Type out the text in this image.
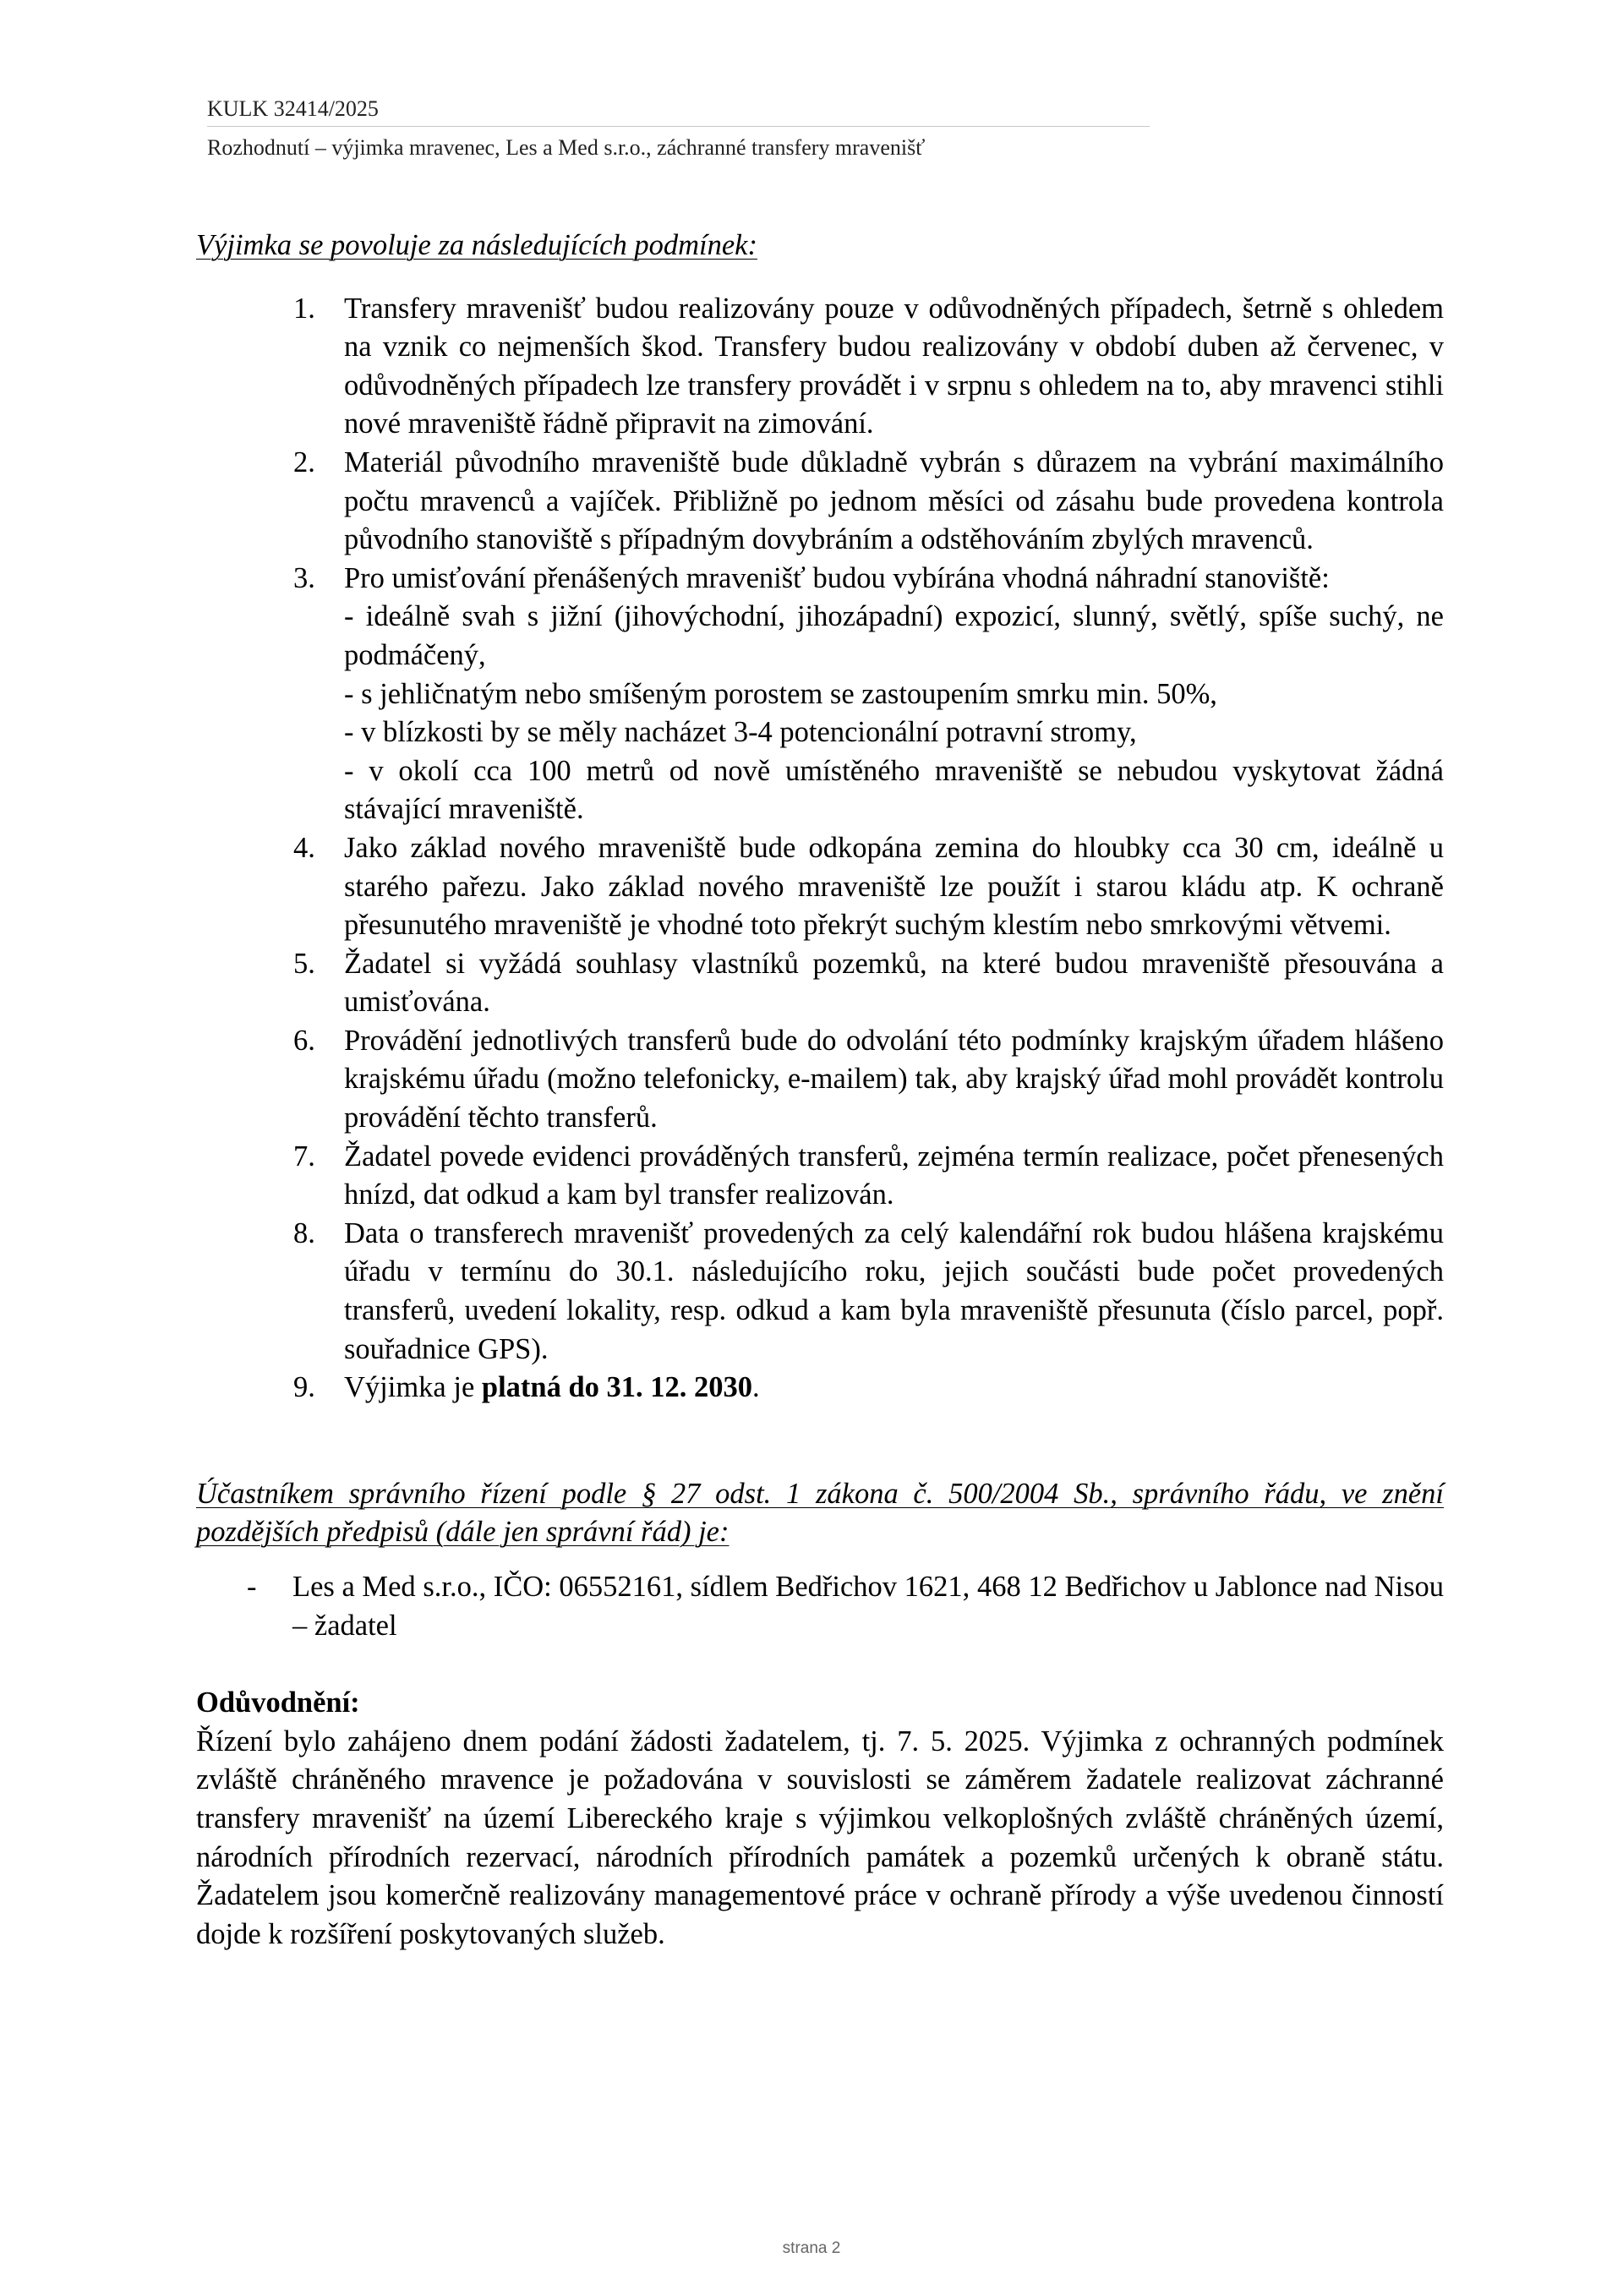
KULK 32414/2025
Rozhodnutí – výjimka mravenec, Les a Med s.r.o., záchranné transfery mravenišť
Výjimka se povoluje za následujících podmínek:
1. Transfery mravenišť budou realizovány pouze v odůvodněných případech, šetrně s ohledem na vznik co nejmenších škod. Transfery budou realizovány v období duben až červenec, v odůvodněných případech lze transfery provádět i v srpnu s ohledem na to, aby mravenci stihli nové mraveniště řádně připravit na zimování.
2. Materiál původního mraveniště bude důkladně vybrán s důrazem na vybrání maximálního počtu mravenců a vajíček. Přibližně po jednom měsíci od zásahu bude provedena kontrola původního stanoviště s případným dovybráním a odstěhováním zbylých mravenců.
3. Pro umisťování přenášených mravenišť budou vybírána vhodná náhradní stanoviště:
- ideálně svah s jižní (jihovýchodní, jihozápadní) expozicí, slunný, světlý, spíše suchý, ne podmáčený,
- s jehličnatým nebo smíšeným porostem se zastoupením smrku min. 50%,
- v blízkosti by se měly nacházet 3-4 potencionální potravní stromy,
- v okolí cca 100 metrů od nově umístěného mraveniště se nebudou vyskytovat žádná stávající mraveniště.
4. Jako základ nového mraveniště bude odkopána zemina do hloubky cca 30 cm, ideálně u starého pařezu. Jako základ nového mraveniště lze použít i starou kládu atp. K ochraně přesunutého mraveniště je vhodné toto překrýt suchým klestím nebo smrkovými větvemi.
5. Žadatel si vyžádá souhlasy vlastníků pozemků, na které budou mraveniště přesouvána a umisťována.
6. Provádění jednotlivých transferů bude do odvolání této podmínky krajským úřadem hlášeno krajskému úřadu (možno telefonicky, e-mailem) tak, aby krajský úřad mohl provádět kontrolu provádění těchto transferů.
7. Žadatel povede evidenci prováděných transferů, zejména termín realizace, počet přenesených hnízd, dat odkud a kam byl transfer realizován.
8. Data o transferech mravenišť provedených za celý kalendářní rok budou hlášena krajskému úřadu v termínu do 30.1. následujícího roku, jejich součásti bude počet provedených transferů, uvedení lokality, resp. odkud a kam byla mraveniště přesunuta (číslo parcel, popř. souřadnice GPS).
9. Výjimka je platná do 31. 12. 2030.
Účastníkem správního řízení podle § 27 odst. 1 zákona č. 500/2004 Sb., správního řádu, ve znění pozdějších předpisů (dále jen správní řád) je:
- Les a Med s.r.o., IČO: 06552161, sídlem Bedřichov 1621, 468 12 Bedřichov u Jablonce nad Nisou – žadatel
Odůvodnění:
Řízení bylo zahájeno dnem podání žádosti žadatelem, tj. 7. 5. 2025. Výjimka z ochranných podmínek zvláště chráněného mravence je požadována v souvislosti se záměrem žadatele realizovat záchranné transfery mravenišť na území Libereckého kraje s výjimkou velkoplošných zvláště chráněných území, národních přírodních rezervací, národních přírodních památek a pozemků určených k obraně státu. Žadatelem jsou komerčně realizovány managementové práce v ochraně přírody a výše uvedenou činností dojde k rozšíření poskytovaných služeb.
strana 2
